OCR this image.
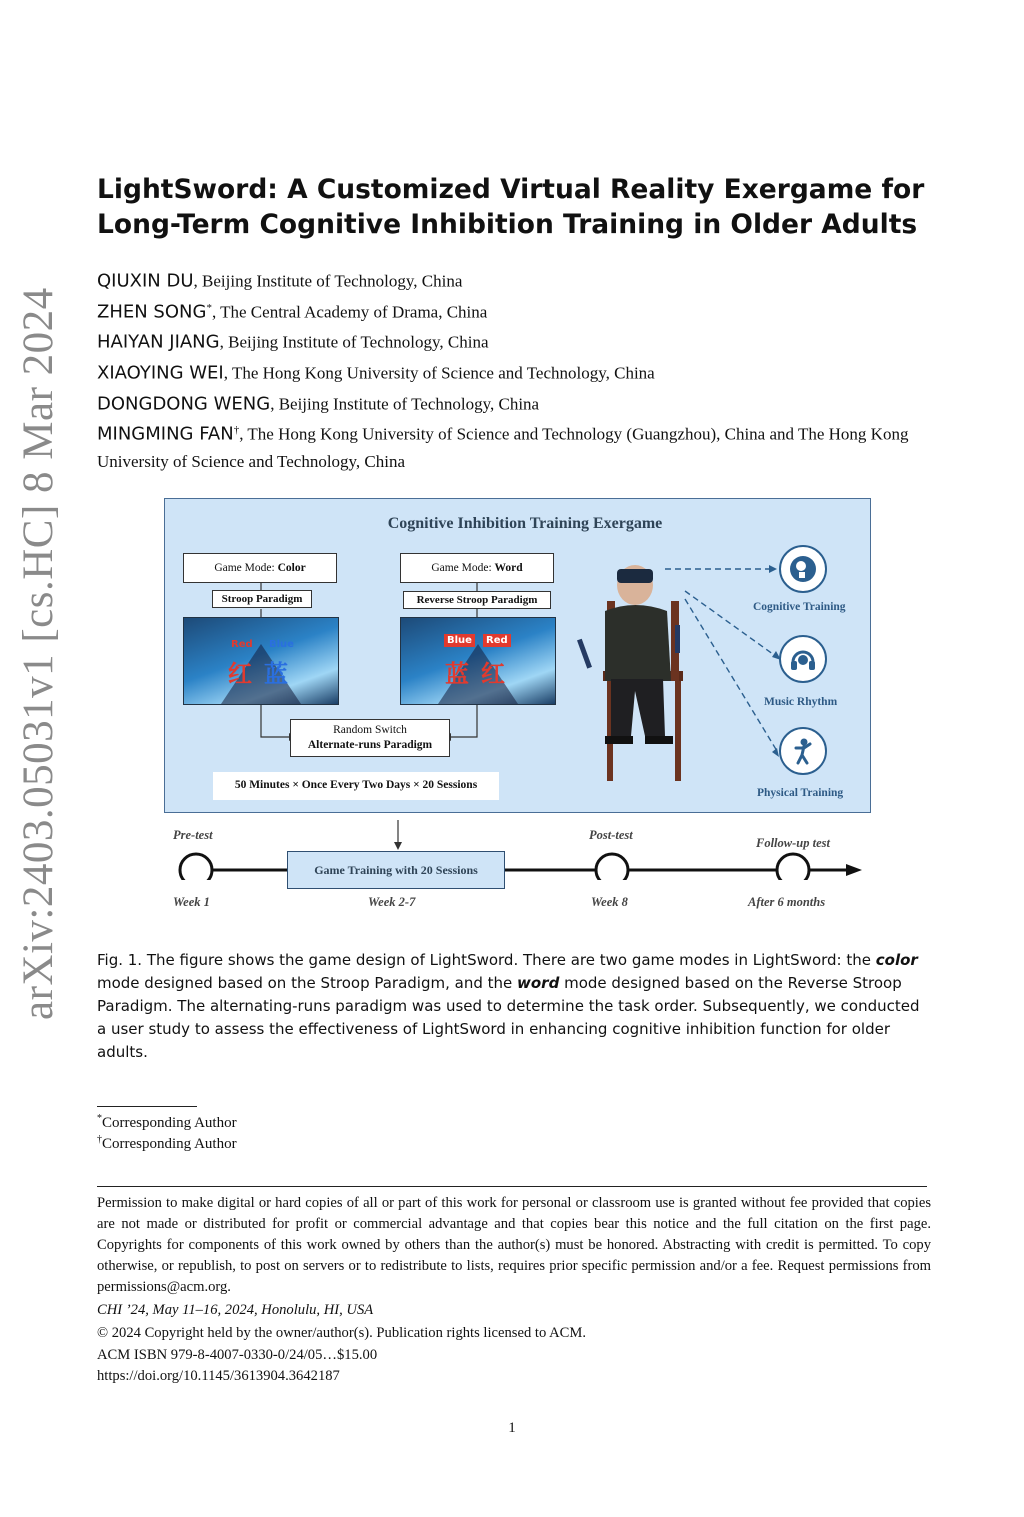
arXiv:2403.05031v1 [cs.HC] 8 Mar 2024
LightSword: A Customized Virtual Reality Exergame for
Long-Term Cognitive Inhibition Training in Older Adults
QIUXIN DU, Beijing Institute of Technology, China
ZHEN SONG*, The Central Academy of Drama, China
HAIYAN JIANG, Beijing Institute of Technology, China
XIAOYING WEI, The Hong Kong University of Science and Technology, China
DONGDONG WENG, Beijing Institute of Technology, China
MINGMING FAN†, The Hong Kong University of Science and Technology (Guangzhou), China and The Hong Kong University of Science and Technology, China
Cognitive Inhibition Training Exergame
Game Mode: Color	Game Mode: Word
Stroop Paradigm	Reverse Stroop Paradigm
Red	Blue
红 蓝
Blue	Red
蓝 红
Random Switch
Alternate-runs Paradigm
50 Minutes × Once Every Two Days × 20 Sessions
Cognitive Training
Music Rhythm
Physical Training
Game Training with 20 Sessions
Pre-test	Post-test
Follow-up test
Week 1	Week 2-7	Week 8	After 6 months
Fig. 1. The figure shows the game design of LightSword. There are two game modes in LightSword: the color mode designed based on the Stroop Paradigm, and the word mode designed based on the Reverse Stroop Paradigm. The alternating-runs paradigm was used to determine the task order. Subsequently, we conducted a user study to assess the effectiveness of LightSword in enhancing cognitive inhibition function for older adults.
*Corresponding Author
†Corresponding Author
Permission to make digital or hard copies of all or part of this work for personal or classroom use is granted without fee provided that copies are not made or distributed for profit or commercial advantage and that copies bear this notice and the full citation on the first page. Copyrights for components of this work owned by others than the author(s) must be honored. Abstracting with credit is permitted. To copy otherwise, or republish, to post on servers or to redistribute to lists, requires prior specific permission and/or a fee. Request permissions from permissions@acm.org.
CHI ’24, May 11–16, 2024, Honolulu, HI, USA
© 2024 Copyright held by the owner/author(s). Publication rights licensed to ACM.
ACM ISBN 979-8-4007-0330-0/24/05…$15.00
https://doi.org/10.1145/3613904.3642187
1
